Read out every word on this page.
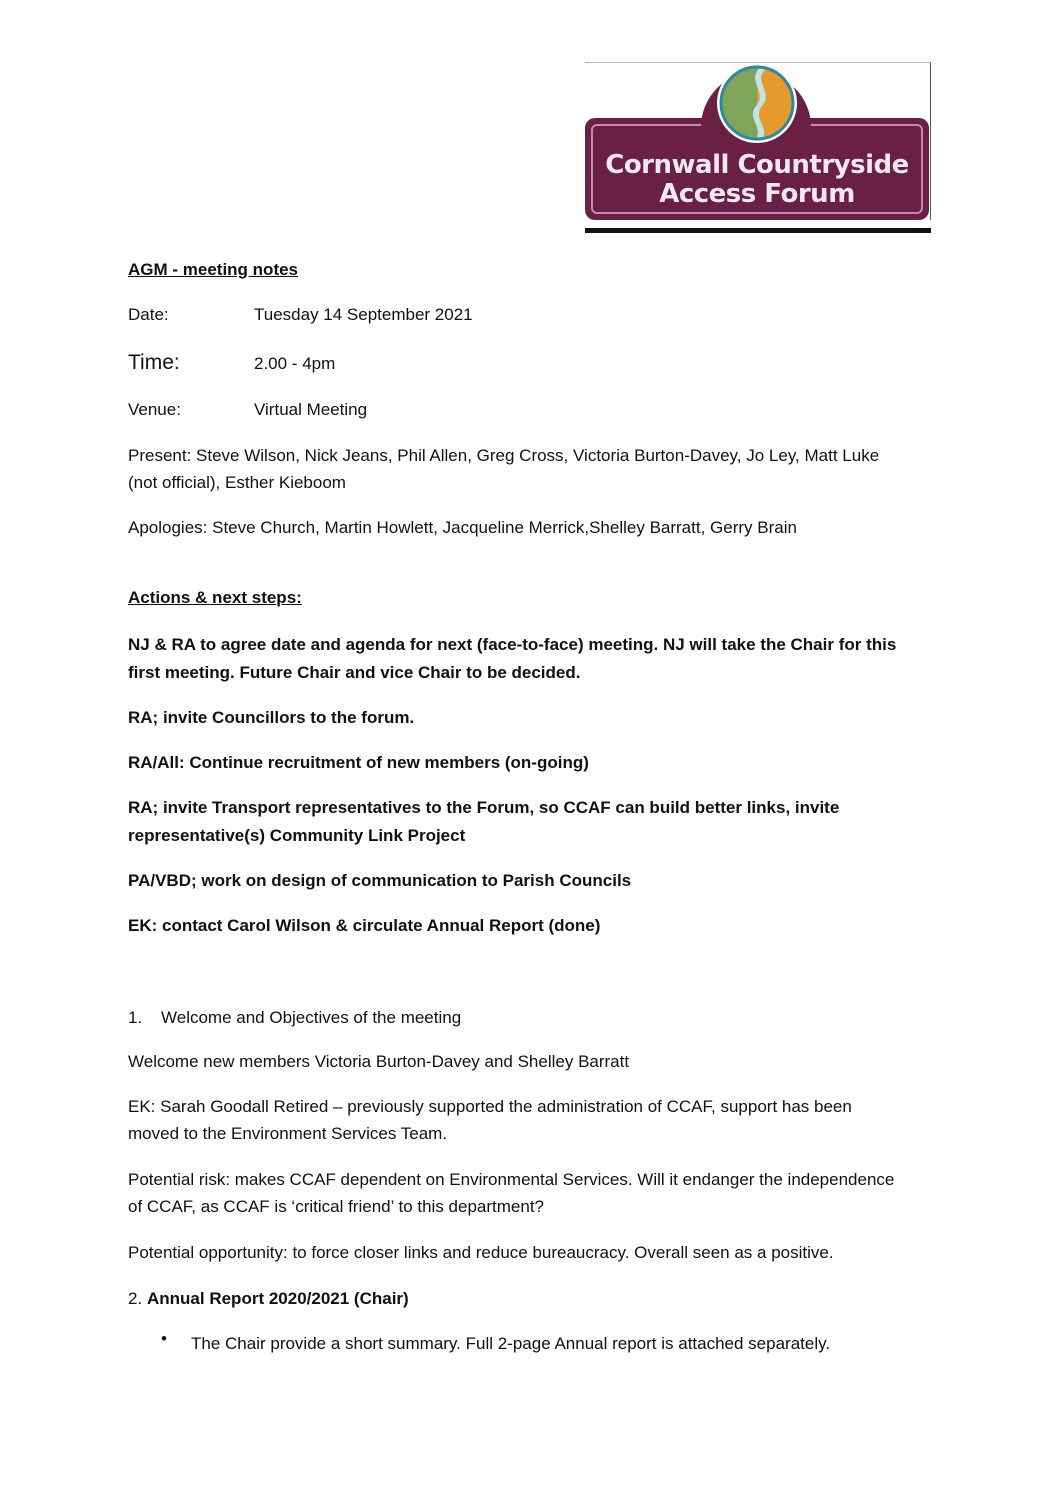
Cornwall Countryside
Access Forum
AGM - meeting notes
Date:	Tuesday 14 September 2021
Time:	2.00 - 4pm
Venue:	Virtual Meeting
Present: Steve Wilson, Nick Jeans, Phil Allen, Greg Cross, Victoria Burton-Davey, Jo Ley, Matt Luke
(not official), Esther Kieboom
Apologies: Steve Church, Martin Howlett, Jacqueline Merrick,Shelley Barratt, Gerry Brain
Actions & next steps:
NJ & RA to agree date and agenda for next (face-to-face) meeting. NJ will take the Chair for this
first meeting. Future Chair and vice Chair to be decided.
RA; invite Councillors to the forum.
RA/All: Continue recruitment of new members (on-going)
RA; invite Transport representatives to the Forum, so CCAF can build better links, invite
representative(s) Community Link Project
PA/VBD; work on design of communication to Parish Councils
EK: contact Carol Wilson & circulate Annual Report (done)
1. Welcome and Objectives of the meeting
Welcome new members Victoria Burton-Davey and Shelley Barratt
EK: Sarah Goodall Retired – previously supported the administration of CCAF, support has been
moved to the Environment Services Team.
Potential risk: makes CCAF dependent on Environmental Services. Will it endanger the independence
of CCAF, as CCAF is ‘critical friend’ to this department?
Potential opportunity: to force closer links and reduce bureaucracy. Overall seen as a positive.
2. Annual Report 2020/2021 (Chair)
• The Chair provide a short summary. Full 2-page Annual report is attached separately.
